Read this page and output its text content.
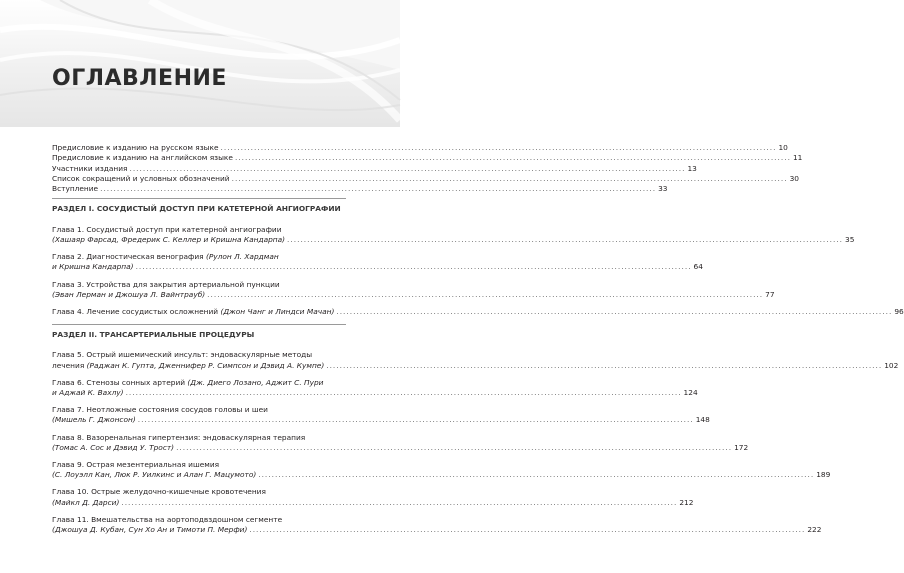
ОГЛАВЛЕНИЕ
Предисловие к изданию на русском языке .....	10
Предисловие к изданию на английском языке .....	11
Участники издания .....	13
Список сокращений и условных обозначений .....	30
Вступление .....	33
РАЗДЕЛ I. СОСУДИСТЫЙ ДОСТУП ПРИ КАТЕТЕРНОЙ АНГИОГРАФИИ
Глава 1. Сосудистый доступ при катетерной ангиографии
(Хашаяр Фарсад, Фредерик С. Келлер и Кришна Кандарпа) .....	35
Глава 2. Диагностическая венография (Рулон Л. Хардман
и Кришна Кандарпа) .....	64
Глава 3. Устройства для закрытия артериальной пункции
(Эван Лерман и Джошуа Л. Вайнтрауб) .....	77
Глава 4. Лечение сосудистых осложнений (Джон Чанг и Линдси Мачан) .....	96
РАЗДЕЛ II. ТРАНСАРТЕРИАЛЬНЫЕ ПРОЦЕДУРЫ
Глава 5. Острый ишемический инсульт: эндоваскулярные методы
лечения (Раджан К. Гупта, Дженнифер Р. Симпсон и Дэвид А. Кумпе) .....	102
Глава 6. Стенозы сонных артерий (Дж. Диего Лозано, Аджит С. Пури
и Аджай К. Вахлу) .....	124
Глава 7. Неотложные состояния сосудов головы и шеи
(Мишель Г. Джонсон) .....	148
Глава 8. Вазоренальная гипертензия: эндоваскулярная терапия
(Томас А. Сос и Дэвид У. Трост) .....	172
Глава 9. Острая мезентериальная ишемия
(С. Лоуэлл Кан, Люк Р. Уилкинс и Алан Г. Мацумото) .....	189
Глава 10. Острые желудочно-кишечные кровотечения
(Майкл Д. Дарси) .....	212
Глава 11. Вмешательства на аортоподвздошном сегменте
(Джошуа Д. Кубан, Сун Хо Ан и Тимоти П. Мерфи) .....	222
